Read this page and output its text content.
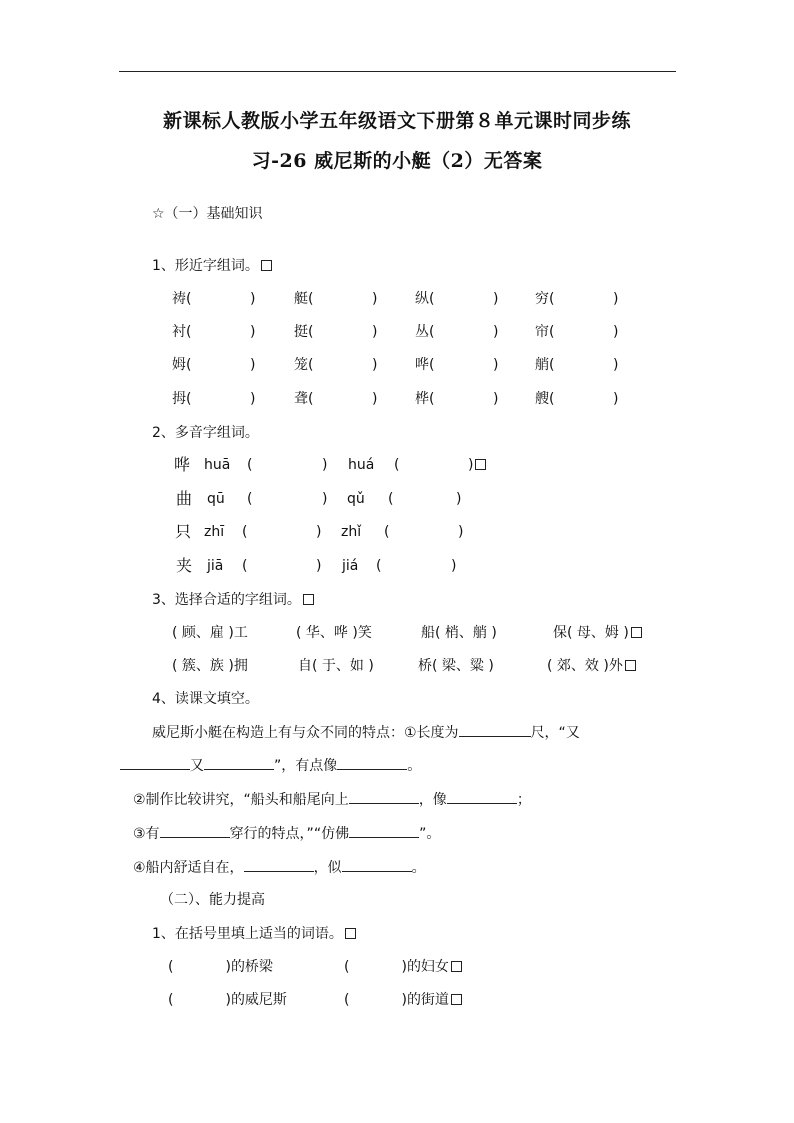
新课标人教版小学五年级语文下册第８单元课时同步练
习-26 威尼斯的小艇（2）无答案
☆（一）基础知识
1、形近字组词。
祷(	)	艇(	)	纵(	)	穷(	)
衬(	)	挺(	)	丛(	)	帘(	)
姆(	)	笼(	)	哗(	)	艄(	)
拇(	)	聋(	)	桦(	)	艘(	)
2、多音字组词。
哗 huā (	) huá (	)
曲 qū (	) qǔ (	)
只 zhī (	) zhǐ (	)
夹 jiā (	) jiá (	)
3、选择合适的字组词。
( 顾、雇 )工	( 华、哗 )笑	船( 梢、艄 )	保( 母、姆 )
( 簇、族 )拥	自( 于、如 )	桥( 梁、粱 )	( 郊、效 )外
4、读课文填空。
威尼斯小艇在构造上有与众不同的特点：①长度为	尺，“又
又	”，有点像	。
②制作比较讲究，“船头和船尾向上	，像	；
③有	穿行的特点，”“仿佛	”。
④船内舒适自在，	，似	。
（二）、能力提高
1、在括号里填上适当的词语。
(	)的桥梁	(	)的妇女
(	)的威尼斯	(	)的街道
